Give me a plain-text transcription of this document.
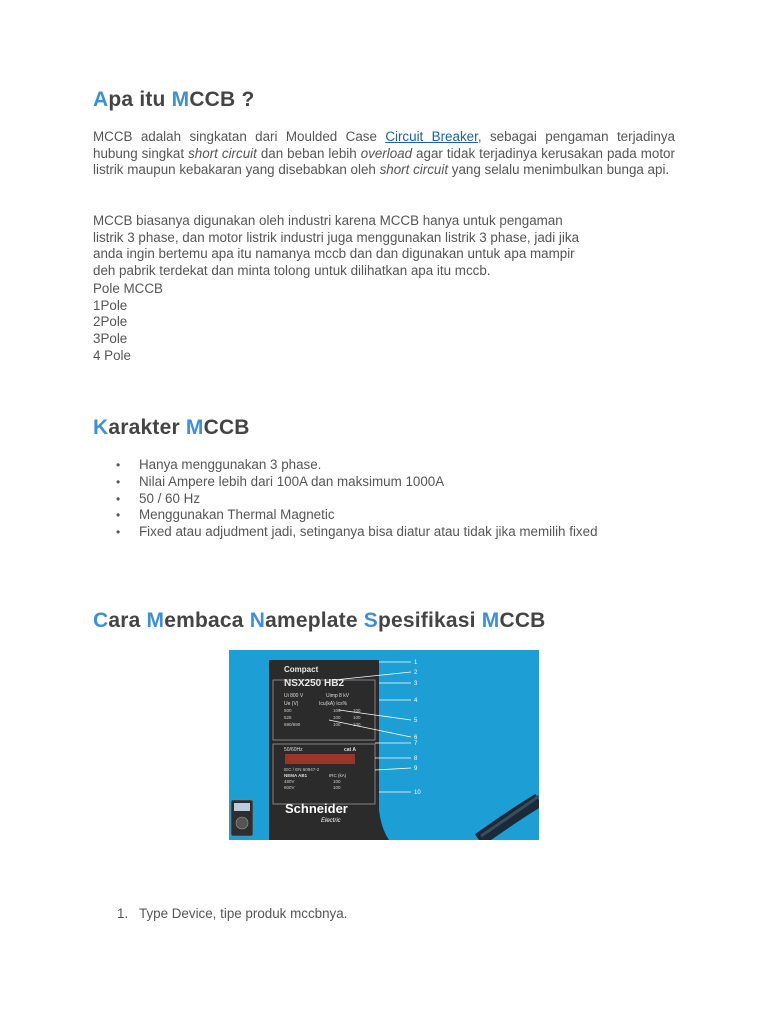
Apa itu MCCB ?

MCCB adalah singkatan dari Moulded Case Circuit Breaker, sebagai pengaman terjadinya hubung singkat short circuit dan beban lebih overload agar tidak terjadinya kerusakan pada motor listrik maupun kebakaran yang disebabkan oleh short circuit yang selalu menimbulkan bunga api.

MCCB biasanya digunakan oleh industri karena MCCB hanya untuk pengaman
listrik 3 phase, dan motor listrik industri juga menggunakan listrik 3 phase, jadi jika
anda ingin bertemu apa itu namanya mccb dan dan digunakan untuk apa mampir
deh pabrik terdekat dan minta tolong untuk dilihatkan apa itu mccb.

Pole MCCB
1Pole
2Pole
3Pole
4 Pole
Karakter MCCB
• Hanya menggunakan 3 phase.
• Nilai Ampere lebih dari 100A dan maksimum 1000A
• 50 / 60 Hz
• Menggunakan Thermal Magnetic
• Fixed atau adjudment jadi, setinganya bisa diatur atau tidak jika memilih fixed
Cara Membaca Nameplate Spesifikasi MCCB
Compact
NSX250 HB2
Ui 800 V	Uimp 8 kV
Ue (V)	Icu(kA) Ics%
500	100	100
525	100	100
690/690	100	100
50/60Hz	cat A
IEC / EN 60947-2
NEMA AB1	IRC (kA)
480V	100
600V	100
Schneider
Electric
1
2
3
4
5
6
7
8
9
10
1. Type Device, tipe produk mccbnya.
